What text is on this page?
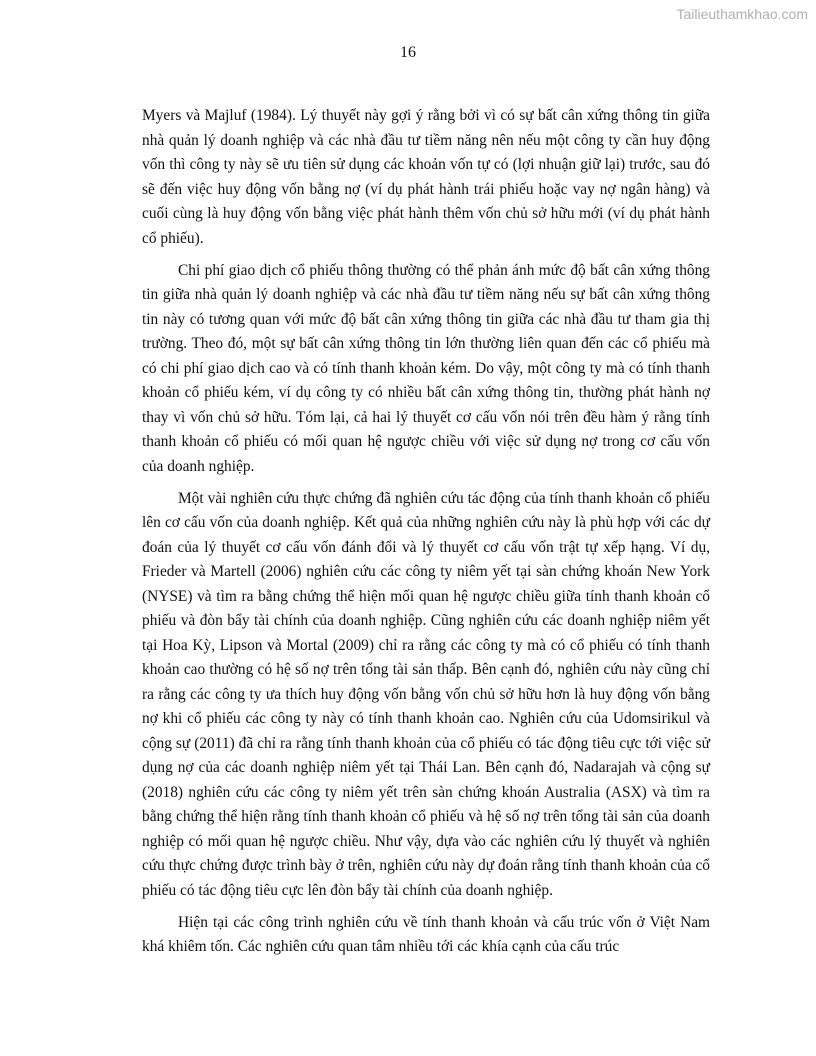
Tailieuthamkhao.com
16

Myers và Majluf (1984). Lý thuyết này gợi ý rằng bởi vì có sự bất cân xứng thông tin giữa nhà quản lý doanh nghiệp và các nhà đầu tư tiềm năng nên nếu một công ty cần huy động vốn thì công ty này sẽ ưu tiên sử dụng các khoản vốn tự có (lợi nhuận giữ lại) trước, sau đó sẽ đến việc huy động vốn bằng nợ (ví dụ phát hành trái phiếu hoặc vay nợ ngân hàng) và cuối cùng là huy động vốn bằng việc phát hành thêm vốn chủ sở hữu mới (ví dụ phát hành cổ phiếu).

Chi phí giao dịch cổ phiếu thông thường có thể phản ánh mức độ bất cân xứng thông tin giữa nhà quản lý doanh nghiệp và các nhà đầu tư tiềm năng nếu sự bất cân xứng thông tin này có tương quan với mức độ bất cân xứng thông tin giữa các nhà đầu tư tham gia thị trường. Theo đó, một sự bất cân xứng thông tin lớn thường liên quan đến các cổ phiếu mà có chi phí giao dịch cao và có tính thanh khoản kém. Do vậy, một công ty mà có tính thanh khoản cổ phiếu kém, ví dụ công ty có nhiều bất cân xứng thông tin, thường phát hành nợ thay vì vốn chủ sở hữu. Tóm lại, cả hai lý thuyết cơ cấu vốn nói trên đều hàm ý rằng tính thanh khoản cổ phiếu có mối quan hệ ngược chiều với việc sử dụng nợ trong cơ cấu vốn của doanh nghiệp.

Một vài nghiên cứu thực chứng đã nghiên cứu tác động của tính thanh khoản cổ phiếu lên cơ cấu vốn của doanh nghiệp. Kết quả của những nghiên cứu này là phù hợp với các dự đoán của lý thuyết cơ cấu vốn đánh đổi và lý thuyết cơ cấu vốn trật tự xếp hạng. Ví dụ, Frieder và Martell (2006) nghiên cứu các công ty niêm yết tại sàn chứng khoán New York (NYSE) và tìm ra bằng chứng thể hiện mối quan hệ ngược chiều giữa tính thanh khoản cổ phiếu và đòn bẩy tài chính của doanh nghiệp. Cũng nghiên cứu các doanh nghiệp niêm yết tại Hoa Kỳ, Lipson và Mortal (2009) chỉ ra rằng các công ty mà có cổ phiếu có tính thanh khoản cao thường có hệ số nợ trên tổng tài sản thấp. Bên cạnh đó, nghiên cứu này cũng chỉ ra rằng các công ty ưa thích huy động vốn bằng vốn chủ sở hữu hơn là huy động vốn bằng nợ khi cổ phiếu các công ty này có tính thanh khoản cao. Nghiên cứu của Udomsirikul và cộng sự (2011) đã chỉ ra rằng tính thanh khoản của cổ phiếu có tác động tiêu cực tới việc sử dụng nợ của các doanh nghiệp niêm yết tại Thái Lan. Bên cạnh đó, Nadarajah và cộng sự (2018) nghiên cứu các công ty niêm yết trên sàn chứng khoán Australia (ASX) và tìm ra bằng chứng thể hiện rằng tính thanh khoản cổ phiếu và hệ số nợ trên tổng tài sản của doanh nghiệp có mối quan hệ ngược chiều. Như vậy, dựa vào các nghiên cứu lý thuyết và nghiên cứu thực chứng được trình bày ở trên, nghiên cứu này dự đoán rằng tính thanh khoản của cổ phiếu có tác động tiêu cực lên đòn bẩy tài chính của doanh nghiệp.

Hiện tại các công trình nghiên cứu về tính thanh khoản và cấu trúc vốn ở Việt Nam khá khiêm tốn. Các nghiên cứu quan tâm nhiều tới các khía cạnh của cấu trúc
